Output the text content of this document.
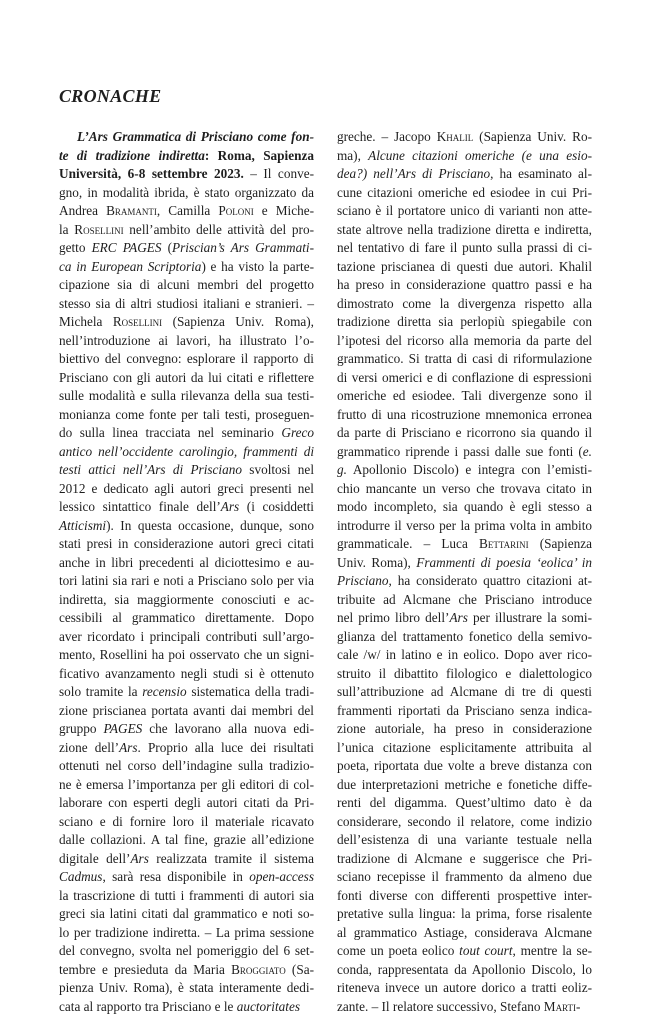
CRONACHE
L’Ars Grammatica di Prisciano come fon-
te di tradizione indiretta: Roma, Sapienza
Università, 6-8 settembre 2023. – Il conve-
gno, in modalità ibrida, è stato organizzato da
Andrea Bramanti, Camilla Poloni e Miche-
la Rosellini nell’ambito delle attività del pro-
getto ERC PAGES (Priscian’s Ars Grammati-
ca in European Scriptoria) e ha visto la parte-
cipazione sia di alcuni membri del progetto
stesso sia di altri studiosi italiani e stranieri. –
Michela Rosellini (Sapienza Univ. Roma),
nell’introduzione ai lavori, ha illustrato l’o-
biettivo del convegno: esplorare il rapporto di
Prisciano con gli autori da lui citati e riflettere
sulle modalità e sulla rilevanza della sua testi-
monianza come fonte per tali testi, proseguen-
do sulla linea tracciata nel seminario Greco
antico nell’occidente carolingio, frammenti di
testi attici nell’Ars di Prisciano svoltosi nel
2012 e dedicato agli autori greci presenti nel
lessico sintattico finale dell’Ars (i cosiddetti
Atticismi). In questa occasione, dunque, sono
stati presi in considerazione autori greci citati
anche in libri precedenti al diciottesimo e au-
tori latini sia rari e noti a Prisciano solo per via
indiretta, sia maggiormente conosciuti e ac-
cessibili al grammatico direttamente. Dopo
aver ricordato i principali contributi sull’argo-
mento, Rosellini ha poi osservato che un signi-
ficativo avanzamento negli studi si è ottenuto
solo tramite la recensio sistematica della tradi-
zione priscianea portata avanti dai membri del
gruppo PAGES che lavorano alla nuova edi-
zione dell’Ars. Proprio alla luce dei risultati
ottenuti nel corso dell’indagine sulla tradizio-
ne è emersa l’importanza per gli editori di col-
laborare con esperti degli autori citati da Pri-
sciano e di fornire loro il materiale ricavato
dalle collazioni. A tal fine, grazie all’edizione
digitale dell’Ars realizzata tramite il sistema
Cadmus, sarà resa disponibile in open-access
la trascrizione di tutti i frammenti di autori sia
greci sia latini citati dal grammatico e noti so-
lo per tradizione indiretta. – La prima sessione
del convegno, svolta nel pomeriggio del 6 set-
tembre e presieduta da Maria Broggiato (Sa-
pienza Univ. Roma), è stata interamente dedi-
cata al rapporto tra Prisciano e le auctoritates
greche. – Jacopo Khalil (Sapienza Univ. Ro-
ma), Alcune citazioni omeriche (e una esio-
dea?) nell’Ars di Prisciano, ha esaminato al-
cune citazioni omeriche ed esiodee in cui Pri-
sciano è il portatore unico di varianti non atte-
state altrove nella tradizione diretta e indiretta,
nel tentativo di fare il punto sulla prassi di ci-
tazione priscianea di questi due autori. Khalil
ha preso in considerazione quattro passi e ha
dimostrato come la divergenza rispetto alla
tradizione diretta sia perlopiù spiegabile con
l’ipotesi del ricorso alla memoria da parte del
grammatico. Si tratta di casi di riformulazione
di versi omerici e di conflazione di espressioni
omeriche ed esiodee. Tali divergenze sono il
frutto di una ricostruzione mnemonica erronea
da parte di Prisciano e ricorrono sia quando il
grammatico riprende i passi dalle sue fonti (e.
g. Apollonio Discolo) e integra con l’emisti-
chio mancante un verso che trovava citato in
modo incompleto, sia quando è egli stesso a
introdurre il verso per la prima volta in ambito
grammaticale. – Luca Bettarini (Sapienza
Univ. Roma), Frammenti di poesia ‘eolica’ in
Prisciano, ha considerato quattro citazioni at-
tribuite ad Alcmane che Prisciano introduce
nel primo libro dell’Ars per illustrare la somi-
glianza del trattamento fonetico della semivo-
cale /w/ in latino e in eolico. Dopo aver rico-
struito il dibattito filologico e dialettologico
sull’attribuzione ad Alcmane di tre di questi
frammenti riportati da Prisciano senza indica-
zione autoriale, ha preso in considerazione
l’unica citazione esplicitamente attribuita al
poeta, riportata due volte a breve distanza con
due interpretazioni metriche e fonetiche diffe-
renti del digamma. Quest’ultimo dato è da
considerare, secondo il relatore, come indizio
dell’esistenza di una variante testuale nella
tradizione di Alcmane e suggerisce che Pri-
sciano recepisse il frammento da almeno due
fonti diverse con differenti prospettive inter-
pretative sulla lingua: la prima, forse risalente
al grammatico Astiage, considerava Alcmane
come un poeta eolico tout court, mentre la se-
conda, rappresentata da Apollonio Discolo, lo
riteneva invece un autore dorico a tratti eoliz-
zante. – Il relatore successivo, Stefano Marti-
